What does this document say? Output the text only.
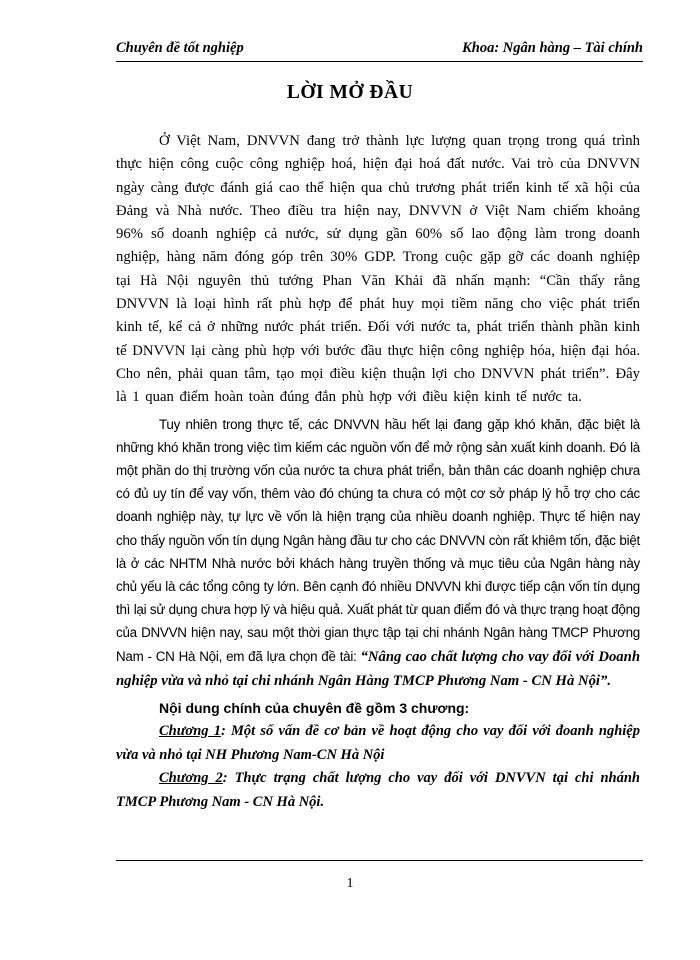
Chuyên đề tốt nghiệp	Khoa: Ngân hàng – Tài chính
LỜI MỞ ĐẦU

Ở Việt Nam, DNVVN đang trở thành lực lượng quan trọng trong quá trình thực hiện công cuộc công nghiệp hoá, hiện đại hoá đất nước. Vai trò của DNVVN ngày càng được đánh giá cao thể hiện qua chủ trương phát triển kinh tế xã hội của Đảng và Nhà nước. Theo điều tra hiện nay, DNVVN ở Việt Nam chiếm khoảng 96% số doanh nghiệp cả nước, sử dụng gần 60% số lao động làm trong doanh nghiệp, hàng năm đóng góp trên 30% GDP. Trong cuộc gặp gỡ các doanh nghiệp tại Hà Nội nguyên thủ tướng Phan Văn Khải đã nhấn mạnh: “Cần thấy rằng DNVVN là loại hình rất phù hợp để phát huy mọi tiềm năng cho việc phát triển kinh tế, kể cả ở những nước phát triển. Đối với nước ta, phát triển thành phần kinh tế DNVVN lại càng phù hợp với bước đầu thực hiện công nghiệp hóa, hiện đại hóa. Cho nên, phải quan tâm, tạo mọi điều kiện thuận lợi cho DNVVN phát triển”. Đây là 1 quan điểm hoàn toàn đúng đắn phù hợp với điều kiện kinh tế nước ta.

Tuy nhiên trong thực tế, các DNVVN hầu hết lại đang gặp khó khăn, đặc biệt là những khó khăn trong việc tìm kiếm các nguồn vốn để mở rộng sản xuất kinh doanh. Đó là một phần do thị trường vốn của nước ta chưa phát triển, bản thân các doanh nghiệp chưa có đủ uy tín để vay vốn, thêm vào đó chúng ta chưa có một cơ sở pháp lý hỗ trợ cho các doanh nghiệp này, tự lực về vốn là hiện trạng của nhiều doanh nghiệp. Thực tế hiện nay cho thấy nguồn vốn tín dụng Ngân hàng đầu tư cho các DNVVN còn rất khiêm tốn, đặc biệt là ở các NHTM Nhà nước bởi khách hàng truyền thống và mục tiêu của Ngân hàng này chủ yếu là các tổng công ty lớn. Bên cạnh đó nhiều DNVVN khi được tiếp cận vốn tín dụng thì lại sử dụng chưa hợp lý và hiệu quả. Xuất phát từ quan điểm đó và thực trạng hoạt động của DNVVN hiện nay, sau một thời gian thực tập tại chi nhánh Ngân hàng TMCP Phương Nam - CN Hà Nội, em đã lựa chọn đề tài: “Nâng cao chất lượng cho vay đối với Doanh nghiệp vừa và nhỏ tại chi nhánh Ngân Hàng TMCP Phương Nam - CN Hà Nội”.

Nội dung chính của chuyên đề gồm 3 chương:

Chương 1: Một số vấn đề cơ bản về hoạt động cho vay đối với đoanh nghiệp vừa và nhỏ tại NH Phương Nam-CN Hà Nội

Chương 2: Thực trạng chất lượng cho vay đối với DNVVN tại chi nhánh TMCP Phương Nam - CN Hà Nội.

1
